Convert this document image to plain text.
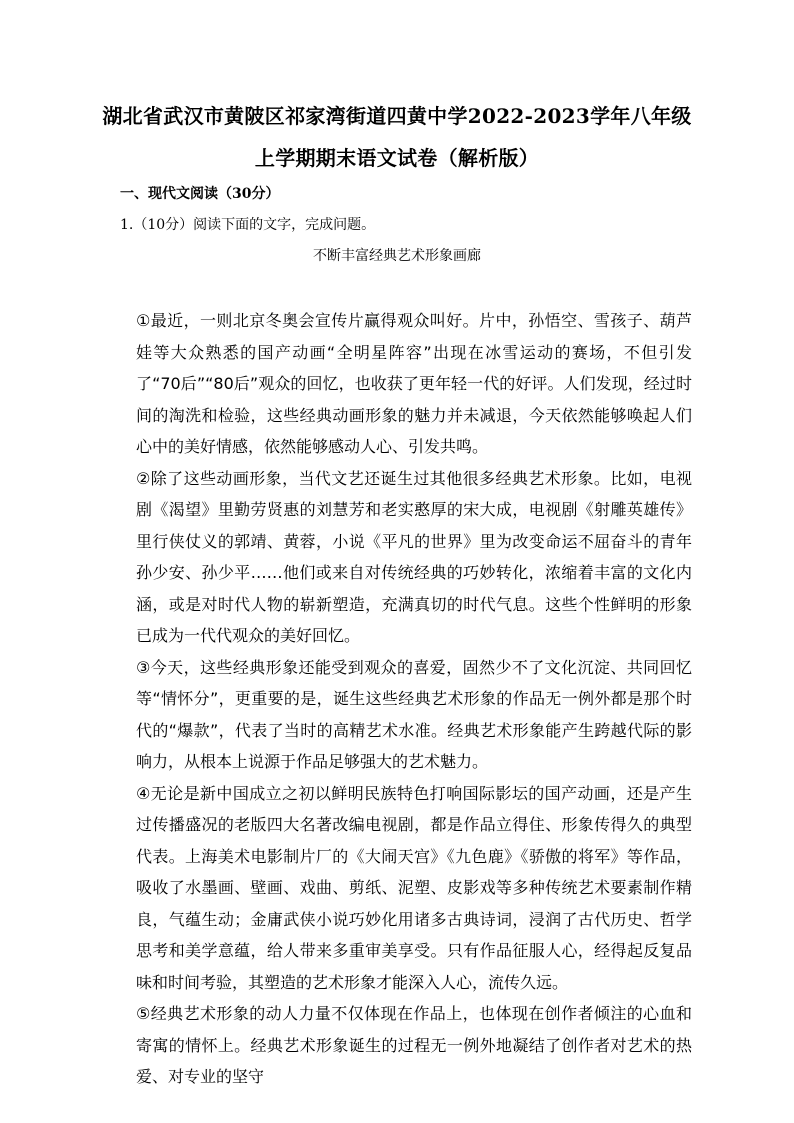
湖北省武汉市黄陂区祁家湾街道四黄中学2022-2023学年八年级
上学期期末语文试卷（解析版）
一、现代文阅读（30分）
1.（10分）阅读下面的文字，完成问题。
不断丰富经典艺术形象画廊

①最近，一则北京冬奥会宣传片赢得观众叫好。片中，孙悟空、雪孩子、葫芦娃等大众熟悉的国产动画“全明星阵容”出现在冰雪运动的赛场，不但引发了“70后”“80后”观众的回忆，也收获了更年轻一代的好评。人们发现，经过时间的淘洗和检验，这些经典动画形象的魅力并未减退，今天依然能够唤起人们心中的美好情感，依然能够感动人心、引发共鸣。

②除了这些动画形象，当代文艺还诞生过其他很多经典艺术形象。比如，电视剧《渴望》里勤劳贤惠的刘慧芳和老实憨厚的宋大成，电视剧《射雕英雄传》里行侠仗义的郭靖、黄蓉，小说《平凡的世界》里为改变命运不屈奋斗的青年孙少安、孙少平……他们或来自对传统经典的巧妙转化，浓缩着丰富的文化内涵，或是对时代人物的崭新塑造，充满真切的时代气息。这些个性鲜明的形象已成为一代代观众的美好回忆。

③今天，这些经典形象还能受到观众的喜爱，固然少不了文化沉淀、共同回忆等“情怀分”，更重要的是，诞生这些经典艺术形象的作品无一例外都是那个时代的“爆款”，代表了当时的高精艺术水准。经典艺术形象能产生跨越代际的影响力，从根本上说源于作品足够强大的艺术魅力。

④无论是新中国成立之初以鲜明民族特色打响国际影坛的国产动画，还是产生过传播盛况的老版四大名著改编电视剧，都是作品立得住、形象传得久的典型代表。上海美术电影制片厂的《大闹天宫》《九色鹿》《骄傲的将军》等作品，吸收了水墨画、壁画、戏曲、剪纸、泥塑、皮影戏等多种传统艺术要素制作精良，气蕴生动；金庸武侠小说巧妙化用诸多古典诗词，浸润了古代历史、哲学思考和美学意蕴，给人带来多重审美享受。只有作品征服人心，经得起反复品味和时间考验，其塑造的艺术形象才能深入人心，流传久远。

⑤经典艺术形象的动人力量不仅体现在作品上，也体现在创作者倾注的心血和寄寓的情怀上。经典艺术形象诞生的过程无一例外地凝结了创作者对艺术的热爱、对专业的坚守
